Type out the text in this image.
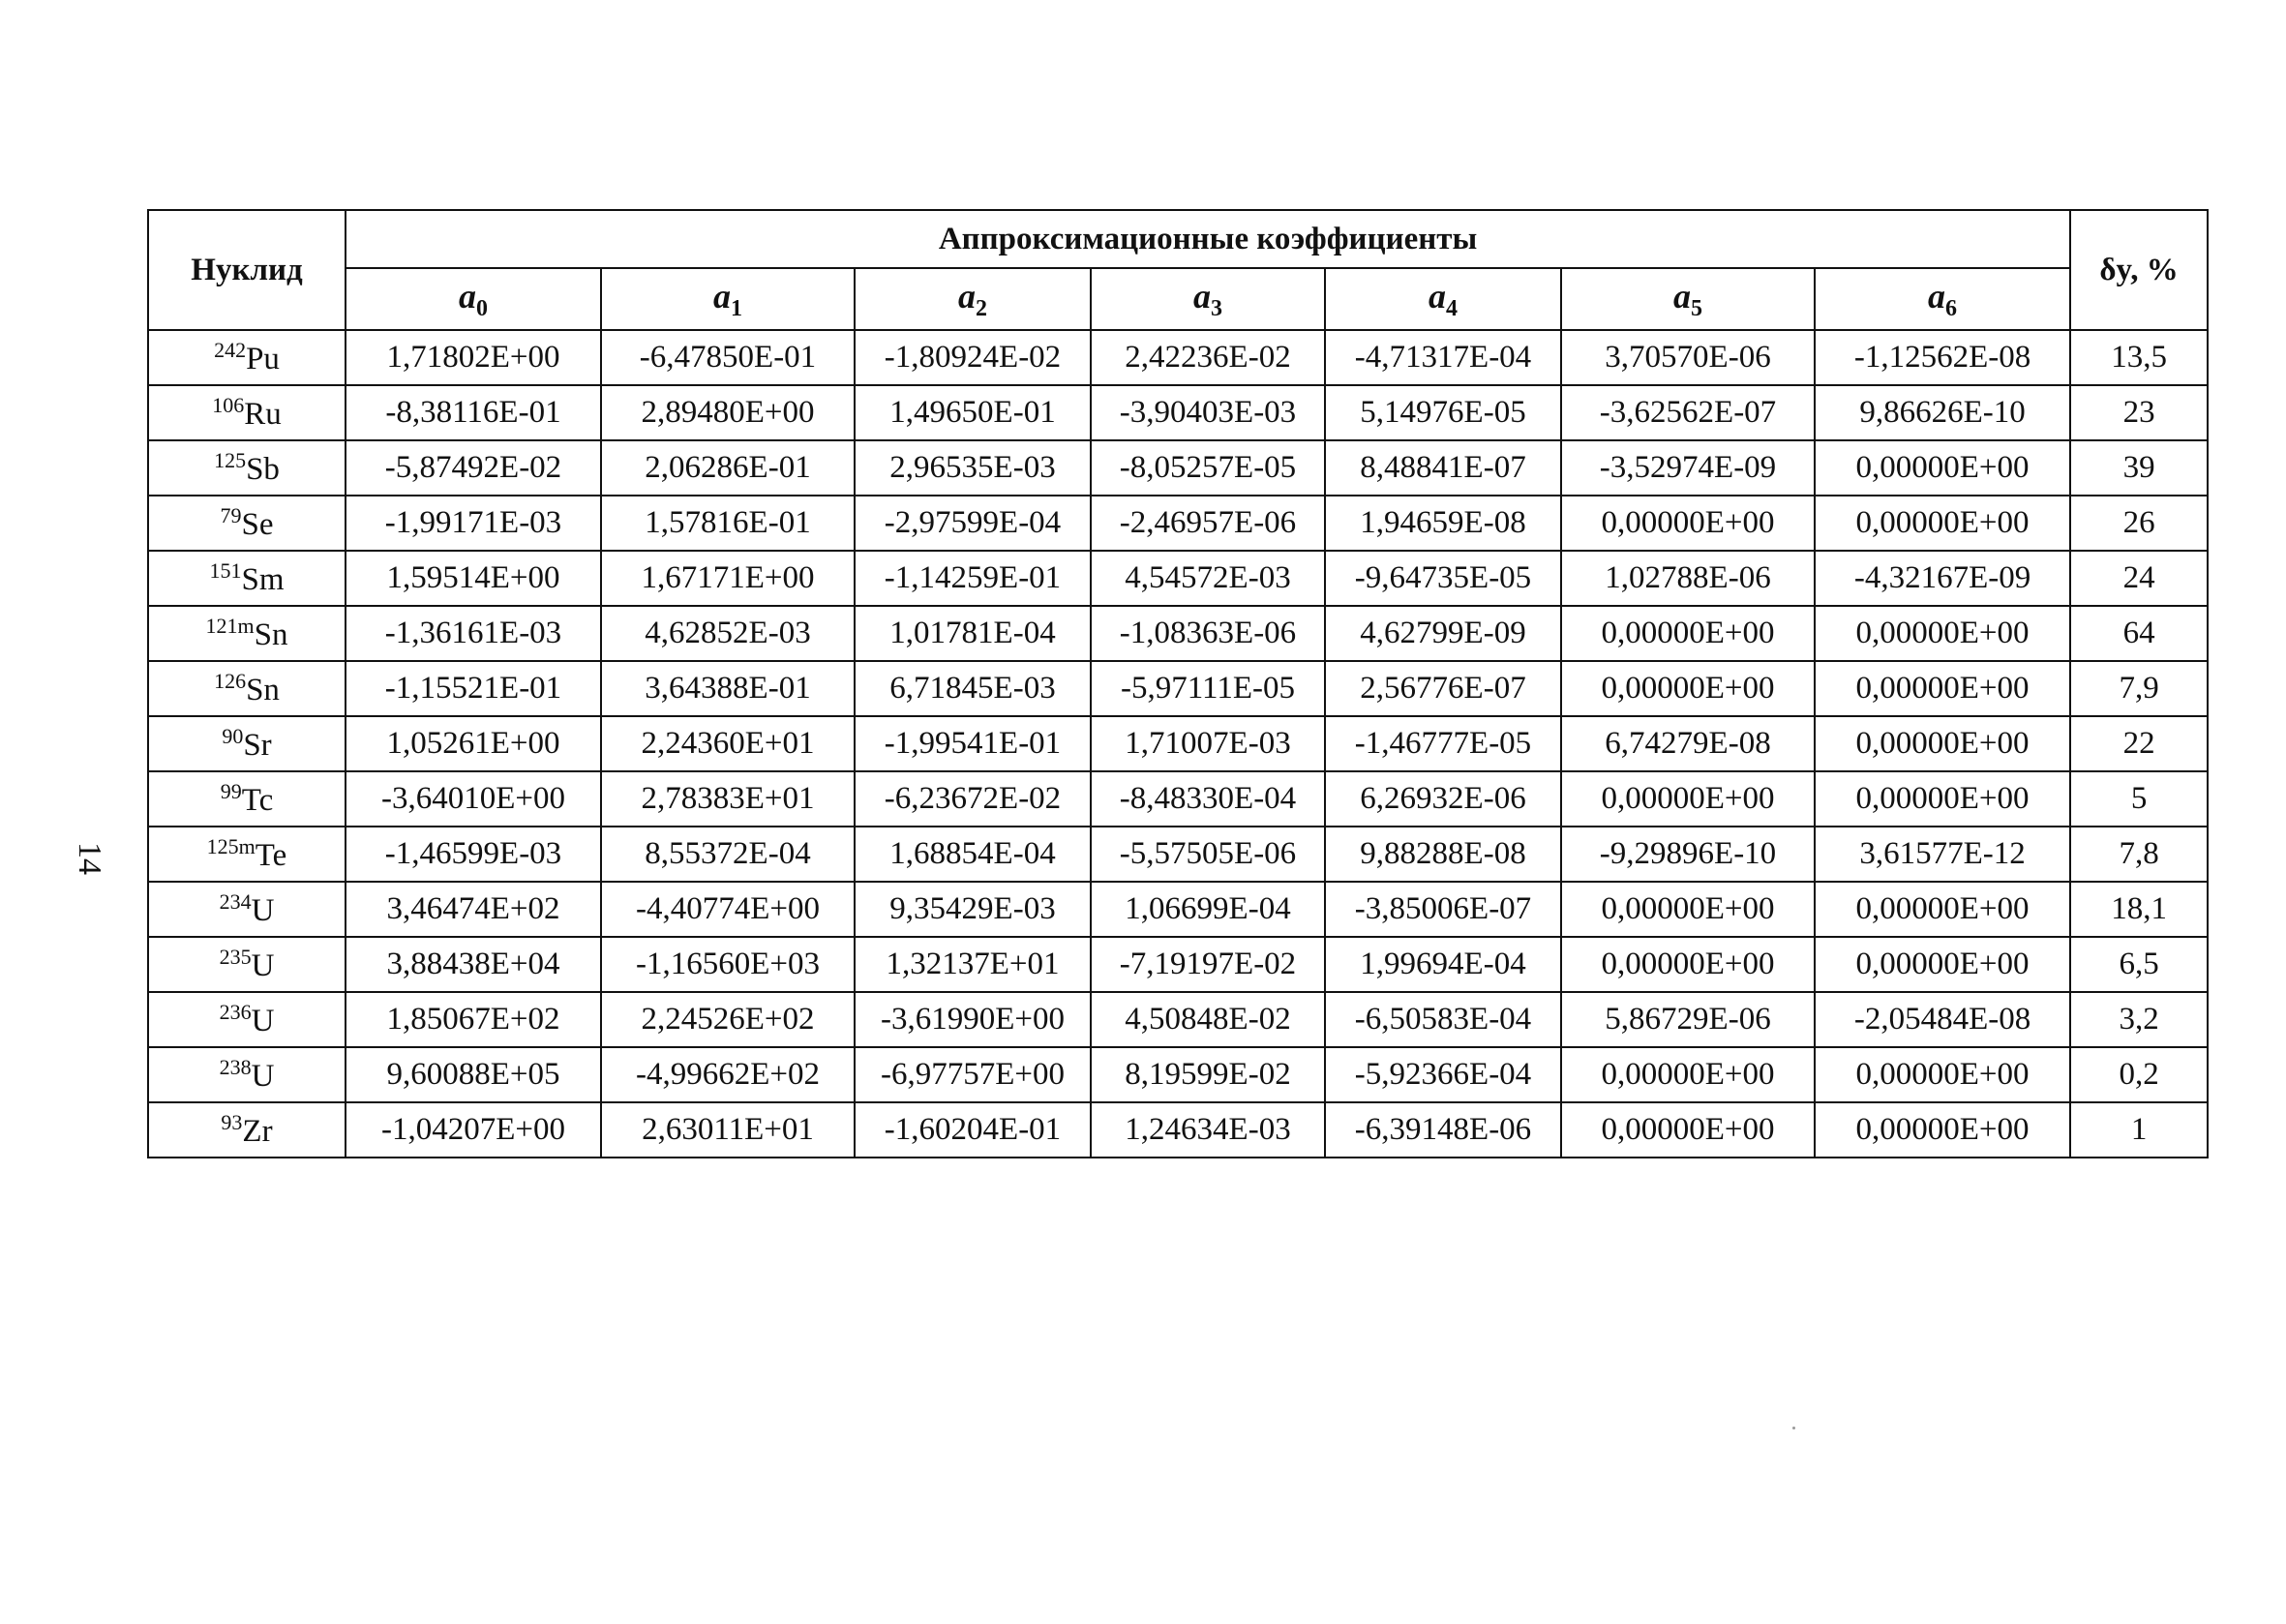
14
Нуклид	Аппроксимационные коэффициенты							δy, %
	$a_0$	$a_1$	$a_2$	$a_3$	$a_4$	$a_5$	$a_6$
$^{242}$Pu	1,71802E+00	-6,47850E-01	-1,80924E-02	2,42236E-02	-4,71317E-04	3,70570E-06	-1,12562E-08	13,5
$^{106}$Ru	-8,38116E-01	2,89480E+00	1,49650E-01	-3,90403E-03	5,14976E-05	-3,62562E-07	9,86626E-10	23
$^{125}$Sb	-5,87492E-02	2,06286E-01	2,96535E-03	-8,05257E-05	8,48841E-07	-3,52974E-09	0,00000E+00	39
$^{79}$Se	-1,99171E-03	1,57816E-01	-2,97599E-04	-2,46957E-06	1,94659E-08	0,00000E+00	0,00000E+00	26
$^{151}$Sm	1,59514E+00	1,67171E+00	-1,14259E-01	4,54572E-03	-9,64735E-05	1,02788E-06	-4,32167E-09	24
$^{121m}$Sn	-1,36161E-03	4,62852E-03	1,01781E-04	-1,08363E-06	4,62799E-09	0,00000E+00	0,00000E+00	64
$^{126}$Sn	-1,15521E-01	3,64388E-01	6,71845E-03	-5,97111E-05	2,56776E-07	0,00000E+00	0,00000E+00	7,9
$^{90}$Sr	1,05261E+00	2,24360E+01	-1,99541E-01	1,71007E-03	-1,46777E-05	6,74279E-08	0,00000E+00	22
$^{99}$Tc	-3,64010E+00	2,78383E+01	-6,23672E-02	-8,48330E-04	6,26932E-06	0,00000E+00	0,00000E+00	5
$^{125m}$Te	-1,46599E-03	8,55372E-04	1,68854E-04	-5,57505E-06	9,88288E-08	-9,29896E-10	3,61577E-12	7,8
$^{234}$U	3,46474E+02	-4,40774E+00	9,35429E-03	1,06699E-04	-3,85006E-07	0,00000E+00	0,00000E+00	18,1
$^{235}$U	3,88438E+04	-1,16560E+03	1,32137E+01	-7,19197E-02	1,99694E-04	0,00000E+00	0,00000E+00	6,5
$^{236}$U	1,85067E+02	2,24526E+02	-3,61990E+00	4,50848E-02	-6,50583E-04	5,86729E-06	-2,05484E-08	3,2
$^{238}$U	9,60088E+05	-4,99662E+02	-6,97757E+00	8,19599E-02	-5,92366E-04	0,00000E+00	0,00000E+00	0,2
$^{93}$Zr	-1,04207E+00	2,63011E+01	-1,60204E-01	1,24634E-03	-6,39148E-06	0,00000E+00	0,00000E+00	1
